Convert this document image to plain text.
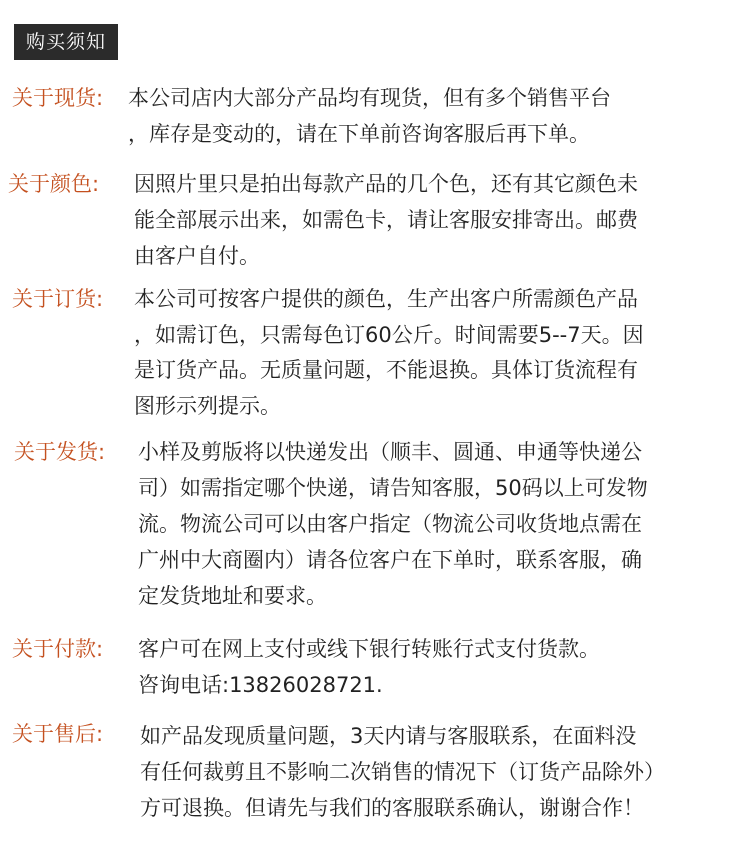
购买须知
关于现货: 本公司店内大部分产品均有现货，但有多个销售平台
，库存是变动的，请在下单前咨询客服后再下单。
关于颜色: 因照片里只是拍出每款产品的几个色，还有其它颜色未
能全部展示出来，如需色卡，请让客服安排寄出。邮费
由客户自付。
关于订货: 本公司可按客户提供的颜色，生产出客户所需颜色产品
，如需订色，只需每色订60公斤。时间需要5--7天。因
是订货产品。无质量问题，不能退换。具体订货流程有
图形示列提示。
关于发货: 小样及剪版将以快递发出（顺丰、圆通、申通等快递公
司）如需指定哪个快递，请告知客服，50码以上可发物
流。物流公司可以由客户指定（物流公司收货地点需在
广州中大商圈内）请各位客户在下单时，联系客服，确
定发货地址和要求。
关于付款: 客户可在网上支付或线下银行转账行式支付货款。
咨询电话:13826028721.
关于售后: 如产品发现质量问题，3天内请与客服联系，在面料没
有任何裁剪且不影响二次销售的情况下（订货产品除外）
方可退换。但请先与我们的客服联系确认，谢谢合作！
